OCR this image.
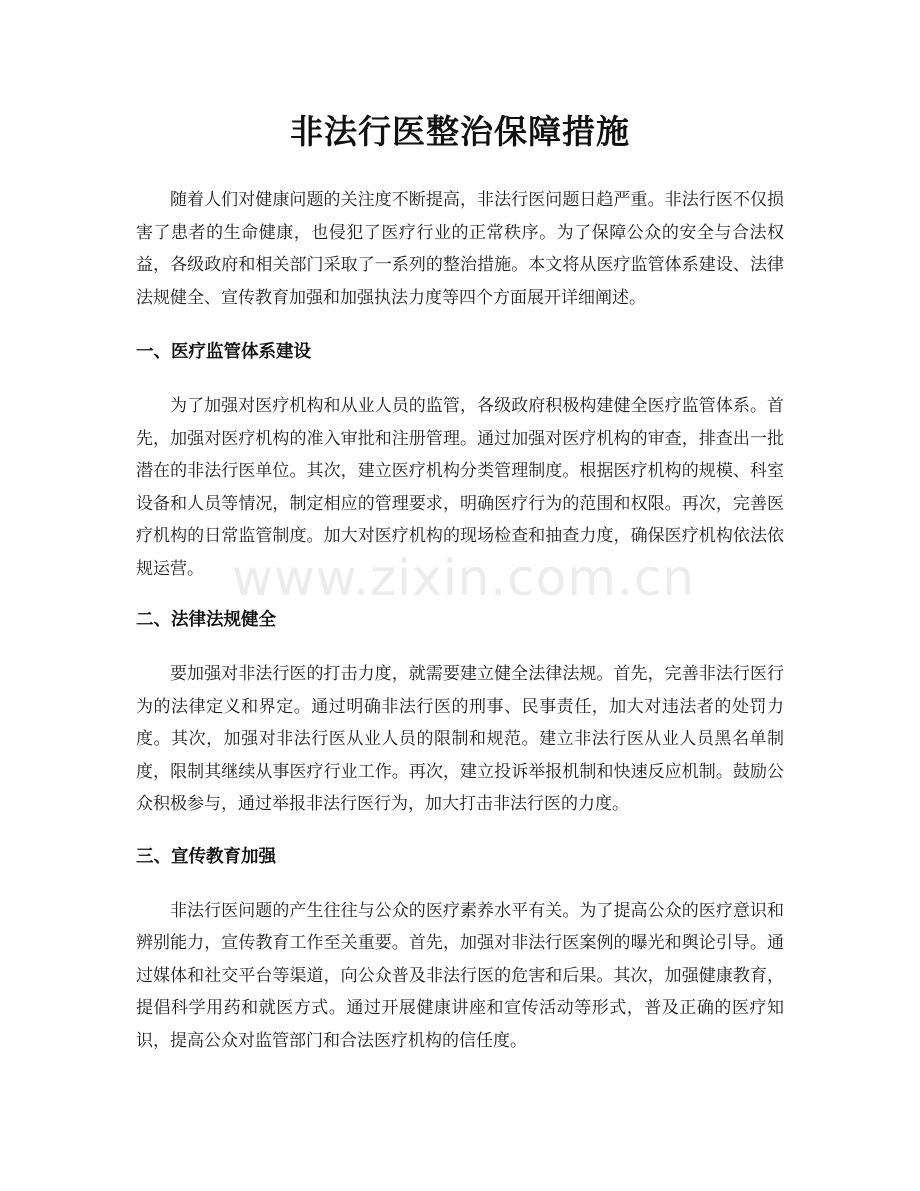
非法行医整治保障措施

随着人们对健康问题的关注度不断提高，非法行医问题日趋严重。非法行医不仅损害了患者的生命健康，也侵犯了医疗行业的正常秩序。为了保障公众的安全与合法权益，各级政府和相关部门采取了一系列的整治措施。本文将从医疗监管体系建设、法律法规健全、宣传教育加强和加强执法力度等四个方面展开详细阐述。

一、医疗监管体系建设

为了加强对医疗机构和从业人员的监管，各级政府积极构建健全医疗监管体系。首先，加强对医疗机构的准入审批和注册管理。通过加强对医疗机构的审查，排查出一批潜在的非法行医单位。其次，建立医疗机构分类管理制度。根据医疗机构的规模、科室设备和人员等情况，制定相应的管理要求，明确医疗行为的范围和权限。再次，完善医疗机构的日常监管制度。加大对医疗机构的现场检查和抽查力度，确保医疗机构依法依规运营。

二、法律法规健全

要加强对非法行医的打击力度，就需要建立健全法律法规。首先，完善非法行医行为的法律定义和界定。通过明确非法行医的刑事、民事责任，加大对违法者的处罚力度。其次，加强对非法行医从业人员的限制和规范。建立非法行医从业人员黑名单制度，限制其继续从事医疗行业工作。再次，建立投诉举报机制和快速反应机制。鼓励公众积极参与，通过举报非法行医行为，加大打击非法行医的力度。

三、宣传教育加强

非法行医问题的产生往往与公众的医疗素养水平有关。为了提高公众的医疗意识和辨别能力，宣传教育工作至关重要。首先，加强对非法行医案例的曝光和舆论引导。通过媒体和社交平台等渠道，向公众普及非法行医的危害和后果。其次，加强健康教育，提倡科学用药和就医方式。通过开展健康讲座和宣传活动等形式，普及正确的医疗知识，提高公众对监管部门和合法医疗机构的信任度。

www.zixin.com.cn
